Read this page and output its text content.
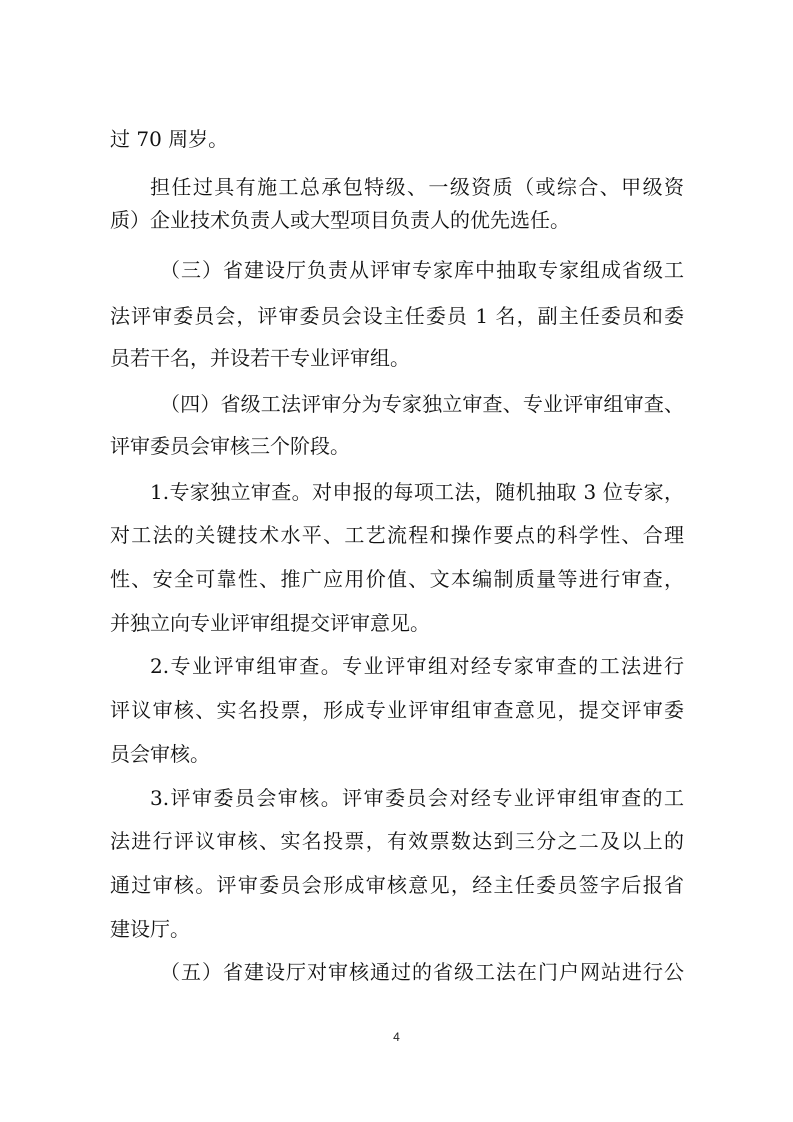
过 70 周岁。
担任过具有施工总承包特级、一级资质（或综合、甲级资
质）企业技术负责人或大型项目负责人的优先选任。
（三）省建设厅负责从评审专家库中抽取专家组成省级工
法评审委员会，评审委员会设主任委员 1 名，副主任委员和委
员若干名，并设若干专业评审组。
（四）省级工法评审分为专家独立审查、专业评审组审查、
评审委员会审核三个阶段。
1.专家独立审查。对申报的每项工法，随机抽取 3 位专家，
对工法的关键技术水平、工艺流程和操作要点的科学性、合理
性、安全可靠性、推广应用价值、文本编制质量等进行审查，
并独立向专业评审组提交评审意见。
2.专业评审组审查。专业评审组对经专家审查的工法进行
评议审核、实名投票，形成专业评审组审查意见，提交评审委
员会审核。
3.评审委员会审核。评审委员会对经专业评审组审查的工
法进行评议审核、实名投票，有效票数达到三分之二及以上的
通过审核。评审委员会形成审核意见，经主任委员签字后报省
建设厅。
（五）省建设厅对审核通过的省级工法在门户网站进行公
4
